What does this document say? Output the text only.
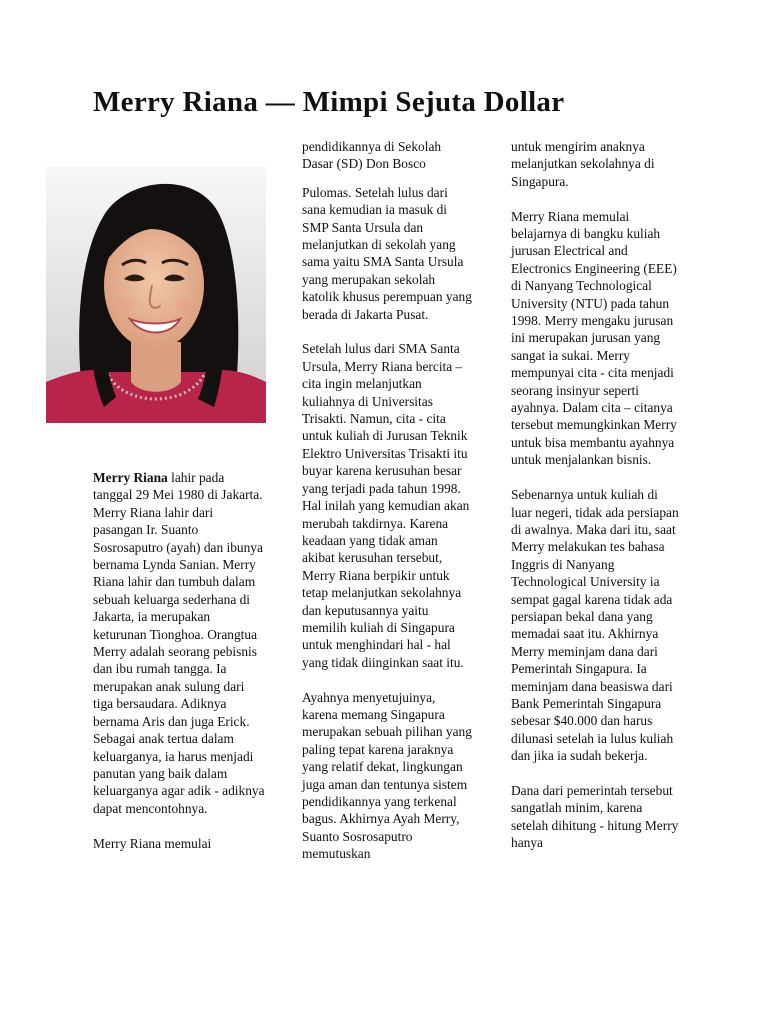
Merry Riana — Mimpi Sejuta Dollar

Merry Riana lahir pada tanggal 29 Mei 1980 di Jakarta. Merry Riana lahir dari pasangan Ir. Suanto Sosrosaputro (ayah) dan ibunya bernama Lynda Sanian. Merry Riana lahir dan tumbuh dalam sebuah keluarga sederhana di Jakarta, ia merupakan keturunan Tionghoa. Orangtua Merry adalah seorang pebisnis dan ibu rumah tangga. Ia merupakan anak sulung dari tiga bersaudara. Adiknya bernama Aris dan juga Erick. Sebagai anak tertua dalam keluarganya, ia harus menjadi panutan yang baik dalam keluarganya agar adik - adiknya dapat mencontohnya.

Merry Riana memulai

pendidikannya di Sekolah Dasar (SD) Don Bosco

Pulomas. Setelah lulus dari sana kemudian ia masuk di SMP Santa Ursula dan melanjutkan di sekolah yang sama yaitu SMA Santa Ursula yang merupakan sekolah katolik khusus perempuan yang berada di Jakarta Pusat.

Setelah lulus dari SMA Santa Ursula, Merry Riana bercita –cita ingin melanjutkan kuliahnya di Universitas Trisakti. Namun, cita - cita untuk kuliah di Jurusan Teknik Elektro Universitas Trisakti itu buyar karena kerusuhan besar yang terjadi pada tahun 1998. Hal inilah yang kemudian akan merubah takdirnya. Karena keadaan yang tidak aman akibat kerusuhan tersebut, Merry Riana berpikir untuk tetap melanjutkan sekolahnya dan keputusannya yaitu memilih kuliah di Singapura untuk menghindari hal - hal yang tidak diinginkan saat itu.

Ayahnya menyetujuinya, karena memang Singapura merupakan sebuah pilihan yang paling tepat karena jaraknya yang relatif dekat, lingkungan juga aman dan tentunya sistem pendidikannya yang terkenal bagus. Akhirnya Ayah Merry, Suanto Sosrosaputro memutuskan

untuk mengirim anaknya melanjutkan sekolahnya di Singapura.

Merry Riana memulai belajarnya di bangku kuliah jurusan Electrical and Electronics Engineering (EEE) di Nanyang Technological University (NTU) pada tahun 1998. Merry mengaku jurusan ini merupakan jurusan yang sangat ia sukai. Merry mempunyai cita - cita menjadi seorang insinyur seperti ayahnya. Dalam cita – citanya tersebut memungkinkan Merry untuk bisa membantu ayahnya untuk menjalankan bisnis.

Sebenarnya untuk kuliah di luar negeri, tidak ada persiapan di awalnya. Maka dari itu, saat Merry melakukan tes bahasa Inggris di Nanyang Technological University ia sempat gagal karena tidak ada persiapan bekal dana yang memadai saat itu. Akhirnya Merry meminjam dana dari Pemerintah Singapura. Ia meminjam dana beasiswa dari Bank Pemerintah Singapura sebesar $40.000 dan harus dilunasi setelah ia lulus kuliah dan jika ia sudah bekerja.

Dana dari pemerintah tersebut sangatlah minim, karena setelah dihitung - hitung Merry hanya
